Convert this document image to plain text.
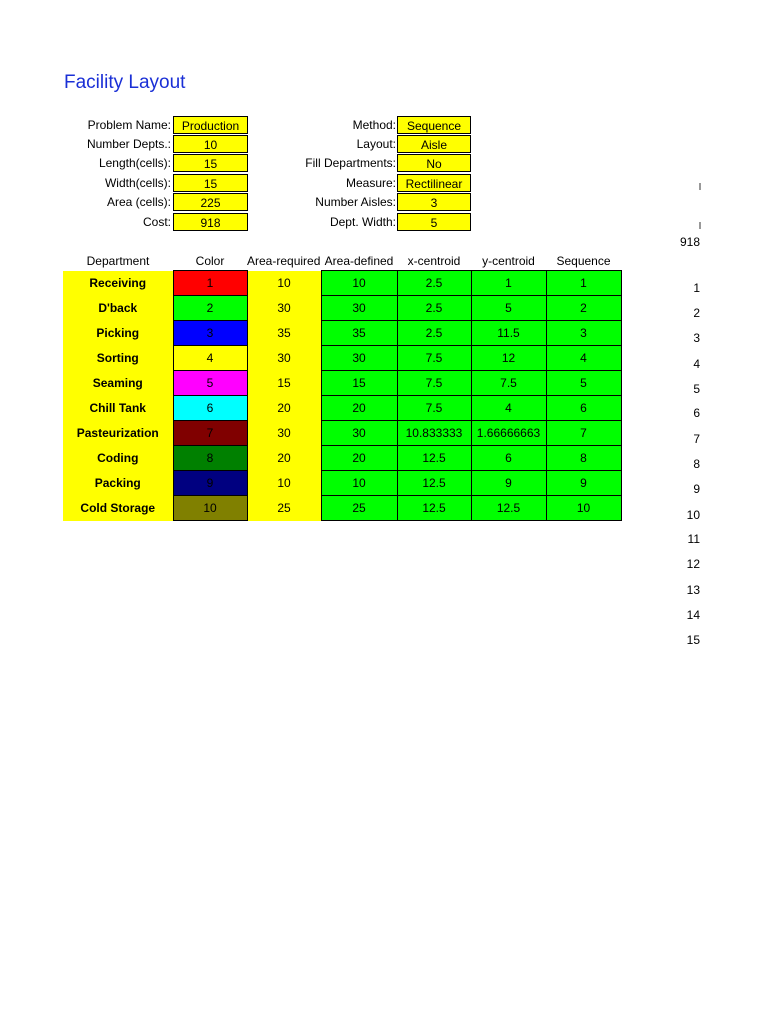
Facility Layout
Problem Name: Production
Number Depts.:	10
Length(cells):	15
Width(cells):	15
Area (cells):	225
Cost:	918
Method: Sequence
Layout:	Aisle
Fill Departments:	No
Measure: Rectilinear
Number Aisles:	3
Dept. Width:	5
Department	Color	Area-required Area-defined	x-centroid	y-centroid	Sequence
Receiving	1	10	10	2.5	1	1
D'back	2	30	30	2.5	5	2
Picking	3	35	35	2.5	11.5	3
Sorting	4	30	30	7.5	12	4
Seaming	5	15	15	7.5	7.5	5
Chill Tank	6	20	20	7.5	4	6
Pasteurization	7	30	30	10.833333	1.66666663	7
Coding	8	20	20	12.5	6	8
Packing	9	10	10	12.5	9	9
Cold Storage	10	25	25	12.5	12.5	10
918
1
2
3
4
5
6
7
8
9
10
11
12
13
14
15
